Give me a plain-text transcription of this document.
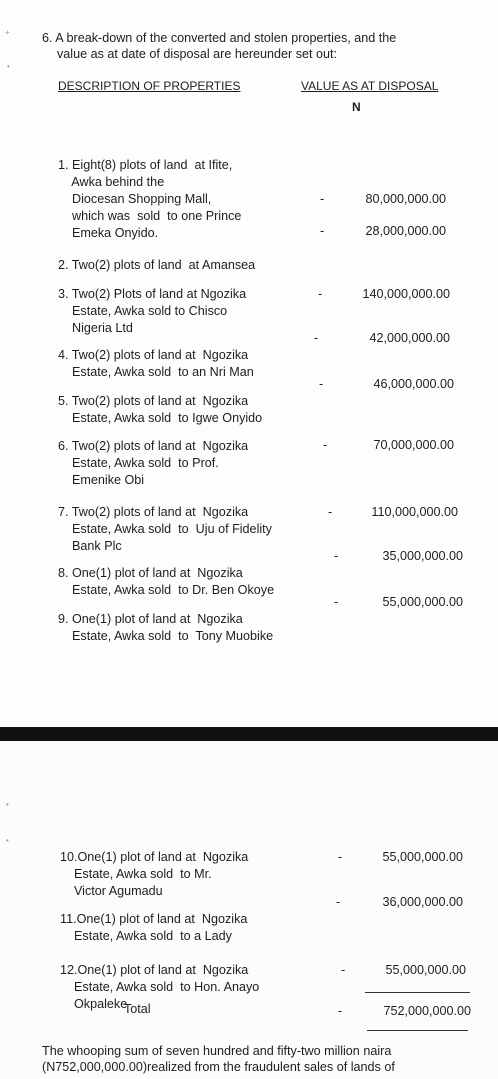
+
•
6. A break-down of the converted and stolen properties, and the
value as at date of disposal are hereunder set out:
DESCRIPTION OF PROPERTIES	VALUE AS AT DISPOSAL
N

1. Eight(8) plots of land  at Ifite,
Awka behind the
Diocesan Shopping Mall,
which was  sold  to one Prince
Emeka Onyido.

-	80,000,000.00

2. Two(2) plots of land  at Amansea

-	28,000,000.00

3. Two(2) Plots of land at Ngozika
Estate, Awka sold to Chisco
Nigeria Ltd

-	140,000,000.00

4. Two(2) plots of land at  Ngozika
Estate, Awka sold  to an Nri Man

-	42,000,000.00

5. Two(2) plots of land at  Ngozika
Estate, Awka sold  to Igwe Onyido

-	46,000,000.00

6. Two(2) plots of land at  Ngozika
Estate, Awka sold  to Prof.
Emenike Obi

-	70,000,000.00

7. Two(2) plots of land at  Ngozika
Estate, Awka sold  to  Uju of Fidelity
Bank Plc

-	110,000,000.00

8. One(1) plot of land at  Ngozika
Estate, Awka sold  to Dr. Ben Okoye

-	35,000,000.00

9. One(1) plot of land at  Ngozika
Estate, Awka sold  to  Tony Muobike

-	55,000,000.00
•
•

10.One(1) plot of land at  Ngozika
Estate, Awka sold  to Mr.
Victor Agumadu

-	55,000,000.00

11.One(1) plot of land at  Ngozika
Estate, Awka sold  to a Lady

-	36,000,000.00

12.One(1) plot of land at  Ngozika
Estate, Awka sold  to Hon. Anayo
Okpaleke

-	55,000,000.00
Total	-	752,000,000.00
The whooping sum of seven hundred and fifty-two million naira
(N752,000,000.00)realized from the fraudulent sales of lands of
